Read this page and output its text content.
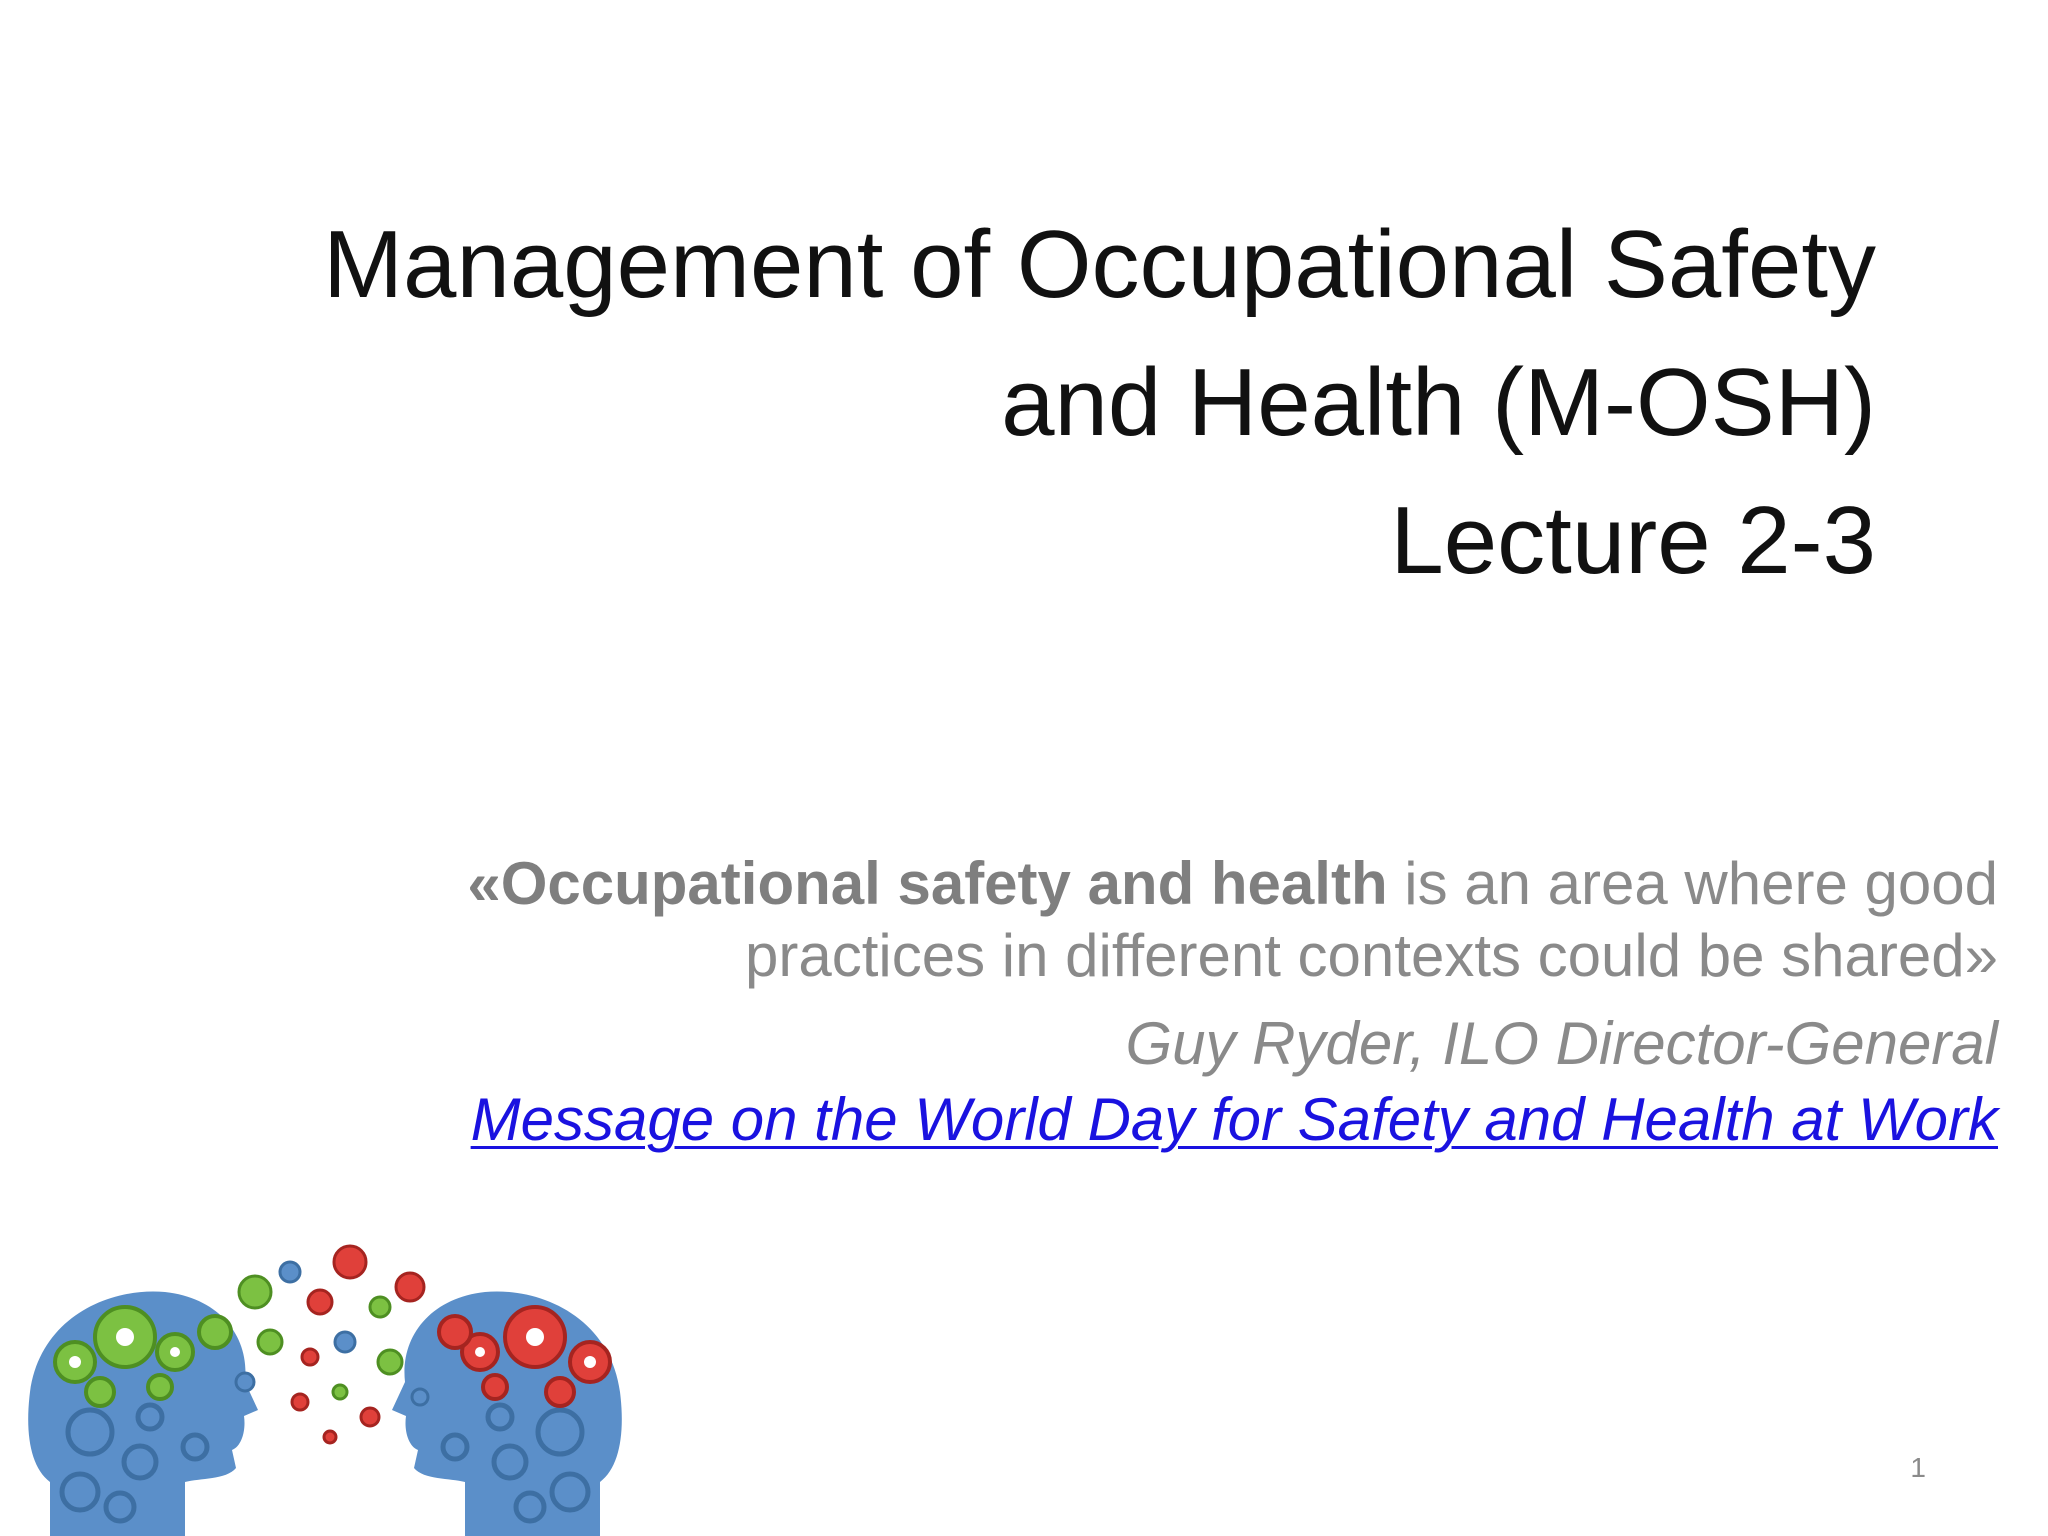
Management of Occupational Safety
and Health (M-OSH)
Lecture 2-3
«Occupational safety and health is an area where good
practices in different contexts could be shared»
Guy Ryder, ILO Director-General
Message on the World Day for Safety and Health at Work
1
